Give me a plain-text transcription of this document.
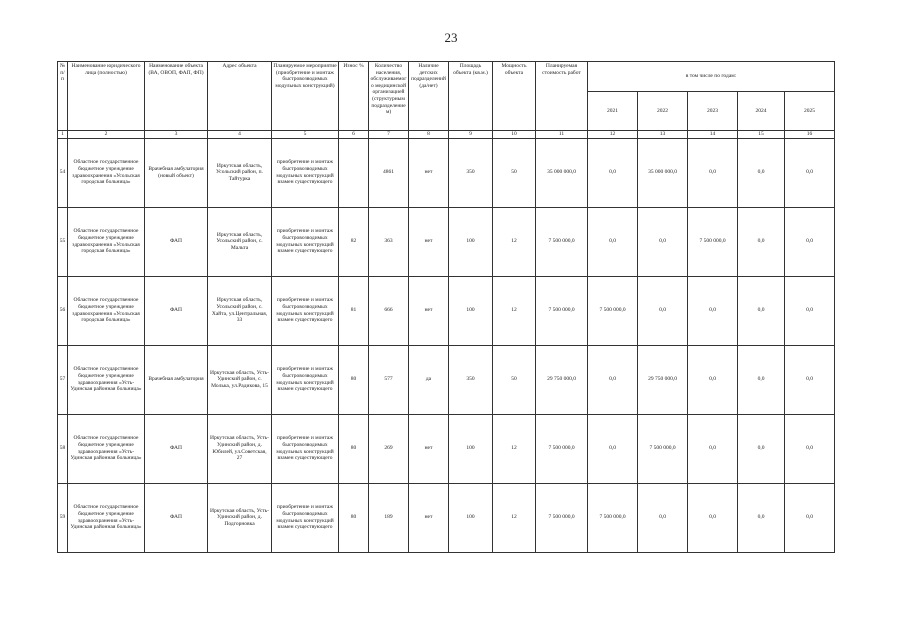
23
№ п/п	Наименование юридического лица (полностью)	Наименование объекта (ВА, ОВОП, ФАП, ФП)	Адрес объекта	Планируемое мероприятие (приобретение и монтаж быстровозводимых модульных конструкций)	Износ %	Количество населения, обслуживаемого медицинской организацией (структурным подразделением)	Наличие детских подразделений (да/нет)	Площадь объекта (кв.м.)	Мощность объекта	Планируемая стоимость работ	в том числе по годам:				
											2021	2022	2023	2024	2025
1	2	3	4	5	6	7	8	9	10	11	12	13	14	15	16
54	Областное государственное бюджетное учреждение здравоохранения «Усольская городская больница»	Врачебная амбулатория (новый объект)	Иркутская область, Усольский район, п. Тайтурка	приобретение и монтаж быстровозводимых модульных конструкций взамен существующего		4861	нет	350	50	35 000 000,0	0,0	35 000 000,0	0,0	0,0	0,0
55	Областное государственное бюджетное учреждение здравоохранения «Усольская городская больница»	ФАП	Иркутская область, Усольский район, с. Мальта	приобретение и монтаж быстровозводимых модульных конструкций взамен существующего	82	363	нет	100	12	7 500 000,0	0,0	0,0	7 500 000,0	0,0	0,0
56	Областное государственное бюджетное учреждение здравоохранения «Усольская городская больница»	ФАП	Иркутская область, Усольский район, с. Хайта, ул.Центральная, 33	приобретение и монтаж быстровозводимых модульных конструкций взамен существующего	81	666	нет	100	12	7 500 000,0	7 500 000,0	0,0	0,0	0,0	0,0
57	Областное государственное бюджетное учреждение здравоохранения «Усть-Удинская районная больница»	Врачебная амбулатория	Иркутская область, Усть-Удинский район, с. Молька, ул.Радикова, 15	приобретение и монтаж быстровозводимых модульных конструкций взамен существующего	80	577	да	350	50	29 750 000,0	0,0	29 750 000,0	0,0	0,0	0,0
58	Областное государственное бюджетное учреждение здравоохранения «Усть-Удинская районная больница»	ФАП	Иркутская область, Усть-Удинский район, д. Юбилей, ул.Советская, 27	приобретение и монтаж быстровозводимых модульных конструкций взамен существующего	80	269	нет	100	12	7 500 000,0	0,0	7 500 000,0	0,0	0,0	0,0
59	Областное государственное бюджетное учреждение здравоохранения «Усть-Удинская районная больница»	ФАП	Иркутская область, Усть-Удинский район, д. Подгорновка	приобретение и монтаж быстровозводимых модульных конструкций взамен существующего	80	189	нет	100	12	7 500 000,0	7 500 000,0	0,0	0,0	0,0	0,0
